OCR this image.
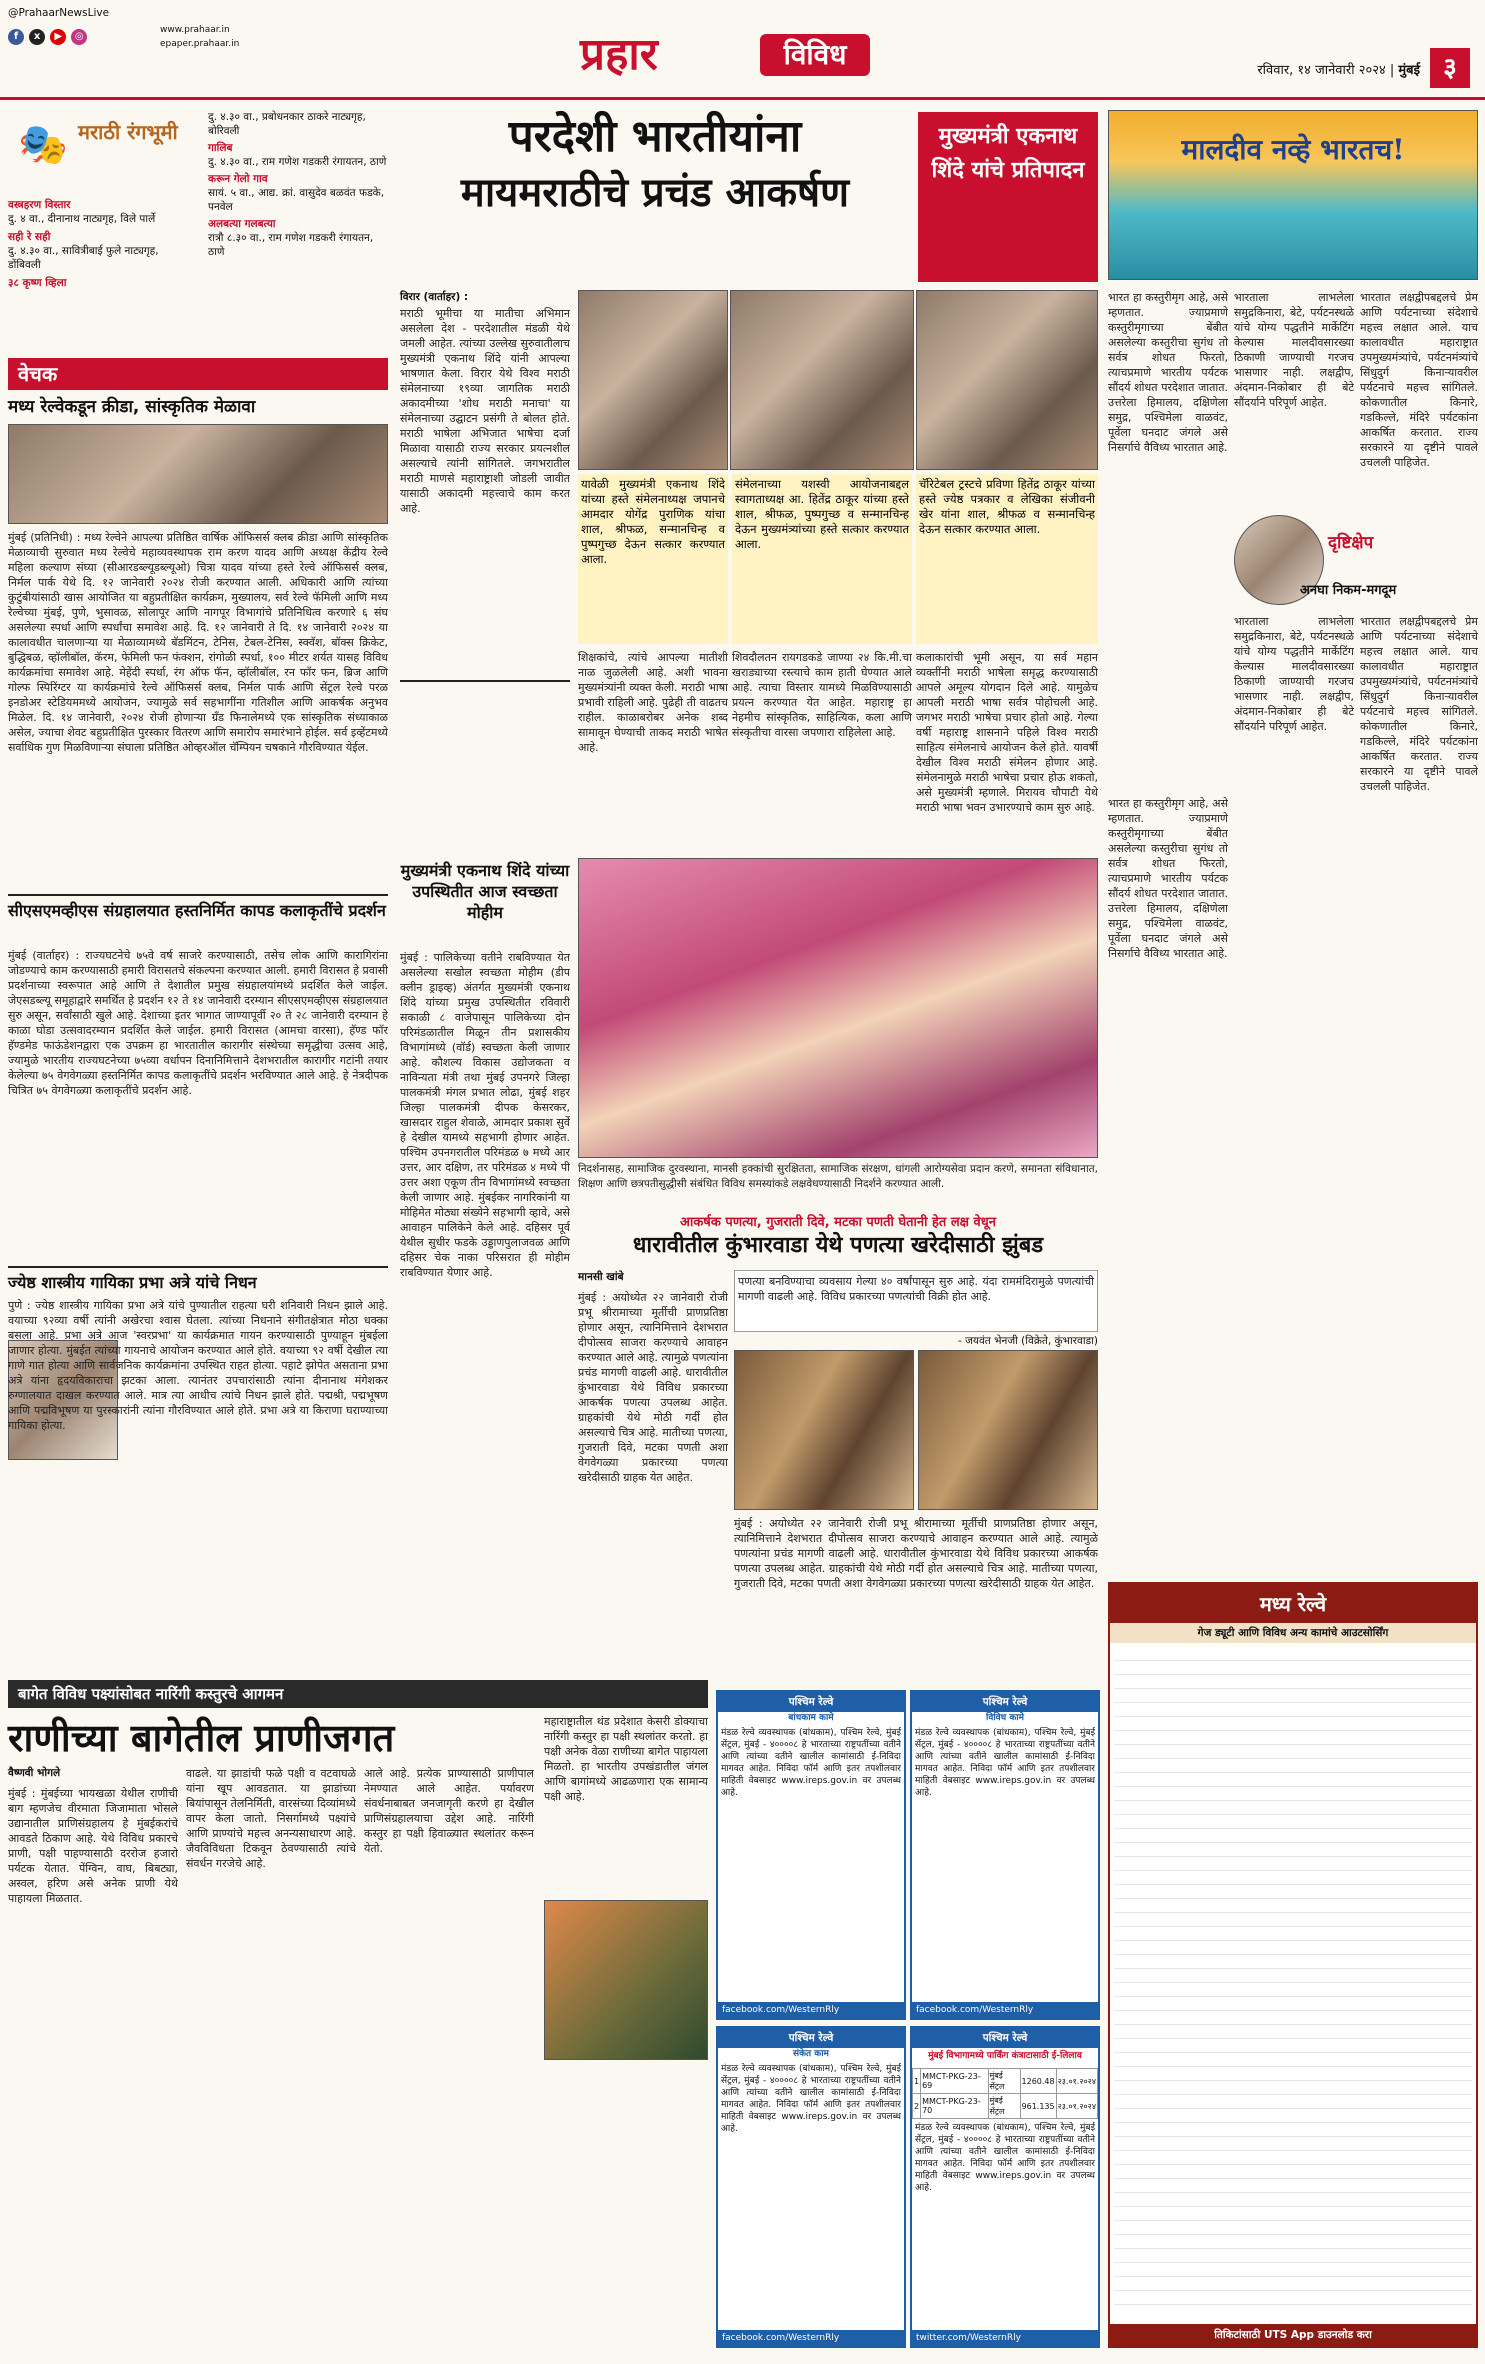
@PrahaarNewsLive
f x ▶ ◎
www.prahaar.in
epaper.prahaar.in	प्रहार	विविध	रविवार, १४ जानेवारी २०२४ | मुंबई ३
🎭 मराठी रंगभूमी
वस्त्रहरण विस्तार
दु. ४ वा., दीनानाथ नाट्यगृह, विले पार्ले
सही रे सही
दु. ४.३० वा., सावित्रीबाई फुले नाट्यगृह, डोंबिवली
३८ कृष्ण व्हिला
दु. ४.३० वा., प्रबोधनकार ठाकरे नाट्यगृह, बोरिवली
गालिब
दु. ४.३० वा., राम गणेश गडकरी रंगायतन, ठाणे
करून गेलो गाव
सायं. ५ वा., आद्य. क्रां. वासुदेव बळवंत फडके, पनवेल
अलबत्या गलबत्या
रात्रौ ८.३० वा., राम गणेश गडकरी रंगायतन, ठाणे
वेचक
मध्य रेल्वेकडून क्रीडा, सांस्कृतिक मेळावा
मुंबई (प्रतिनिधी) : मध्य रेल्वेने आपल्या प्रतिष्ठित वार्षिक ऑफिसर्स क्लब क्रीडा आणि सांस्कृतिक मेळाव्याची सुरुवात मध्य रेल्वेचे महाव्यवस्थापक राम करण यादव आणि अध्यक्ष केंद्रीय रेल्वे महिला कल्याण संघ्या (सीआरडब्ल्यूडब्ल्यूओ) चित्रा यादव यांच्या हस्ते रेल्वे ऑफिसर्स क्लब, निर्मल पार्क येथे दि. १२ जानेवारी २०२४ रोजी करण्यात आली. अधिकारी आणि त्यांच्या कुटुंबीयांसाठी खास आयोजित या बहुप्रतीक्षित कार्यक्रम, मुख्यालय, सर्व रेल्वे फॅमिली आणि मध्य रेल्वेच्या मुंबई, पुणे, भुसावळ, सोलापूर आणि नागपूर विभागांचे प्रतिनिधित्व करणारे ६ संघ असलेल्या स्पर्धा आणि स्पर्धांचा समावेश आहे. दि. १२ जानेवारी ते दि. १४ जानेवारी २०२४ या कालावधीत चालणाऱ्या या मेळाव्यामध्ये बॅडमिंटन, टेनिस, टेबल-टेनिस, स्क्वॅश, बॉक्स क्रिकेट, बुद्धिबळ, व्हॉलीबॉल, कॅरम, फेमिली फन फंक्शन, रांगोळी स्पर्धा, १०० मीटर शर्यत यासह विविध कार्यक्रमांचा समावेश आहे. मेहेंदी स्पर्धा, रंग ऑफ फॅन, व्हॉलीबॉल, रन फॉर फन, ब्रिज आणि गोल्फ स्पिरिंग्टर या कार्यक्रमांचे रेल्वे ऑफिसर्स क्लब, निर्मल पार्क आणि सेंट्रल रेल्वे परळ इनडोअर स्टेडियममध्ये आयोजन, ज्यामुळे सर्व सहभागींना गतिशील आणि आकर्षक अनुभव मिळेल. दि. १४ जानेवारी, २०२४ रोजी होणाऱ्या ग्रँड फिनालेमध्ये एक सांस्कृतिक संध्याकाळ असेल, ज्याचा शेवट बहुप्रतीक्षित पुरस्कार वितरण आणि समारोप समारंभाने होईल. सर्व इव्हेंटमध्ये सर्वाधिक गुण मिळविणाऱ्या संघाला प्रतिष्ठित ओव्हरऑल चॅम्पियन चषकाने गौरविण्यात येईल.
सीएसएमव्हीएस संग्रहालयात हस्तनिर्मित कापड कलाकृतींचे प्रदर्शन
मुंबई (वार्ताहर) : राज्यघटनेचे ७५वे वर्ष साजरे करण्यासाठी, तसेच लोक आणि कारागिरांना जोडण्याचे काम करण्यासाठी हमारी विरासतचे संकल्पना करण्यात आली. हमारी विरासत हे प्रवासी प्रदर्शनाच्या स्वरूपात आहे आणि ते देशातील प्रमुख संग्रहालयांमध्ये प्रदर्शित केले जाईल. जेएसडब्ल्यू समूहाद्वारे समर्थित हे प्रदर्शन १२ ते १४ जानेवारी दरम्यान सीएसएमव्हीएस संग्रहालयात सुरु असून, सर्वांसाठी खुले आहे. देशाच्या इतर भागात जाण्यापूर्वी २० ते २८ जानेवारी दरम्यान हे काळा घोडा उत्सवादरम्यान प्रदर्शित केले जाईल. हमारी विरासत (आमचा वारसा), हॅण्ड फॉर हॅण्डमेड फाऊंडेशनद्वारा एक उपक्रम हा भारतातील कारागीर संस्थेच्या समृद्धीचा उत्सव आहे, ज्यामुळे भारतीय राज्यघटनेच्या ७५व्या वर्धापन दिनानिमित्ताने देशभरातील कारागीर गटांनी तयार केलेल्या ७५ वेगवेगळ्या हस्तनिर्मित कापड कलाकृतींचे प्रदर्शन भरविण्यात आले आहे. हे नेत्रदीपक चित्रित ७५ वेगवेगळ्या कलाकृतींचे प्रदर्शन आहे.
ज्येष्ठ शास्त्रीय गायिका प्रभा अत्रे यांचे निधन
पुणे : ज्येष्ठ शास्त्रीय गायिका प्रभा अत्रे यांचे पुण्यातील राहत्या घरी शनिवारी निधन झाले आहे. वयाच्या ९२व्या वर्षी त्यांनी अखेरचा श्वास घेतला. त्यांच्या निधनाने संगीतक्षेत्रात मोठा धक्का बसला आहे. प्रभा अत्रे आज 'स्वरप्रभा' या कार्यक्रमात गायन करण्यासाठी पुण्याहून मुंबईला जाणार होत्या. मुंबईत त्यांच्या गायनाचे आयोजन करण्यात आले होते. वयाच्या ९२ वर्षी देखील त्या गाणे गात होत्या आणि सार्वजनिक कार्यक्रमांना उपस्थित राहत होत्या. पहाटे झोपेत असताना प्रभा अत्रे यांना हृदयविकाराचा झटका आला. त्यानंतर उपचारांसाठी त्यांना दीनानाथ मंगेशकर रुग्णालयात दाखल करण्यात आले. मात्र त्या आधीच त्यांचे निधन झाले होते. पद्मश्री, पद्मभूषण आणि पद्मविभूषण या पुरस्कारांनी त्यांना गौरविण्यात आले होते. प्रभा अत्रे या किराणा घराण्याच्या गायिका होत्या.
परदेशी भारतीयांना
मायमराठीचे प्रचंड आकर्षण
मुख्यमंत्री एकनाथ शिंदे यांचे प्रतिपादन
विरार (वार्ताहर) :
मराठी भूमीचा या मातीचा अभिमान असलेला देश - परदेशातील मंडळी येथे जमली आहेत. त्यांच्या उल्लेख सुरुवातीलाच मुख्यमंत्री एकनाथ शिंदे यांनी आपल्या भाषणात केला. विरार येथे विश्व मराठी संमेलनाच्या १९व्या जागतिक मराठी अकादमीच्या 'शोध मराठी मनाचा' या संमेलनाच्या उद्घाटन प्रसंगी ते बोलत होते. मराठी भाषेला अभिजात भाषेचा दर्जा मिळावा यासाठी राज्य सरकार प्रयत्नशील असल्याचे त्यांनी सांगितले. जगभरातील मराठी माणसे महाराष्ट्राशी जोडली जावीत यासाठी अकादमी महत्त्वाचे काम करत आहे.
यावेळी मुख्यमंत्री एकनाथ शिंदे यांच्या हस्ते संमेलनाध्यक्ष जपानचे आमदार योगेंद्र पुराणिक यांचा शाल, श्रीफळ, सन्मानचिन्ह व पुष्पगुच्छ देऊन सत्कार करण्यात आला.
संमेलनाच्या यशस्वी आयोजनाबद्दल स्वागताध्यक्ष आ. हितेंद्र ठाकूर यांच्या हस्ते शाल, श्रीफळ, पुष्पगुच्छ व सन्मानचिन्ह देऊन मुख्यमंत्र्यांच्या हस्ते सत्कार करण्यात आला.
चॅरिटेबल ट्रस्टचे प्रविणा हितेंद्र ठाकूर यांच्या हस्ते ज्येष्ठ पत्रकार व लेखिका संजीवनी खेर यांना शाल, श्रीफळ व सन्मानचिन्ह देऊन सत्कार करण्यात आला.
शिक्षकांचे, त्यांचे आपल्या मातीशी नाळ जुळलेली आहे. अशी भावना मुख्यमंत्र्यांनी व्यक्त केली. मराठी भाषा प्रभावी राहिली आहे. पुढेही ती वाढतच राहील. काळाबरोबर अनेक शब्द सामावून घेण्याची ताकद मराठी भाषेत आहे.
शिवदौलतन रायगडकडे जाण्या २४ कि.मी.चा खराड्याच्या रस्त्याचे काम हाती घेण्यात आले आहे. त्याचा विस्तार यामध्ये मिळविण्यासाठी प्रयत्न करण्यात येत आहेत. महाराष्ट्र हा नेहमीच सांस्कृतिक, साहित्यिक, कला आणि संस्कृतीचा वारसा जपणारा राहिलेला आहे.
कलाकारांची भूमी असून, या सर्व महान व्यक्तींनी मराठी भाषेला समृद्ध करण्यासाठी आपले अमूल्य योगदान दिले आहे. यामुळेच आपली मराठी भाषा सर्वत्र पोहोचली आहे. जगभर मराठी भाषेचा प्रचार होतो आहे. गेल्या वर्षी महाराष्ट्र शासनाने पहिले विश्व मराठी साहित्य संमेलनाचे आयोजन केले होते. यावर्षी देखील विश्व मराठी संमेलन होणार आहे. संमेलनामुळे मराठी भाषेचा प्रचार होऊ शकतो, असे मुख्यमंत्री म्हणाले. मिरायव चौपाटी येथे मराठी भाषा भवन उभारण्याचे काम सुरु आहे.
मुख्यमंत्री एकनाथ शिंदे यांच्या उपस्थितीत आज स्वच्छता मोहीम
मुंबई : पालिकेच्या वतीने राबविण्यात येत असलेल्या सखोल स्वच्छता मोहीम (डीप क्लीन ड्राइव्ह) अंतर्गत मुख्यमंत्री एकनाथ शिंदे यांच्या प्रमुख उपस्थितीत रविवारी सकाळी ८ वाजेपासून पालिकेच्या दोन परिमंडळातील मिळून तीन प्रशासकीय विभागांमध्ये (वॉर्ड) स्वच्छता केली जाणार आहे. कौशल्य विकास उद्योजकता व नाविन्यता मंत्री तथा मुंबई उपनगरे जिल्हा पालकमंत्री मंगल प्रभात लोढा, मुंबई शहर जिल्हा पालकमंत्री दीपक केसरकर, खासदार राहुल शेवाळे, आमदार प्रकाश सुर्वे हे देखील यामध्ये सहभागी होणार आहेत. पश्चिम उपनगरातील परिमंडळ ७ मध्ये आर उत्तर, आर दक्षिण, तर परिमंडळ ४ मध्ये पी उत्तर अशा एकूण तीन विभागांमध्ये स्वच्छता केली जाणार आहे. मुंबईकर नागरिकांनी या मोहिमेत मोठ्या संख्येने सहभागी व्हावे, असे आवाहन पालिकेने केले आहे. दहिसर पूर्व येथील सुधीर फडके उड्डाणपुलाजवळ आणि दहिसर चेक नाका परिसरात ही मोहीम राबविण्यात येणार आहे.
निदर्शनासह, सामाजिक दुरवस्थाना, मानसी हक्कांची सुरक्षितता, सामाजिक संरक्षण, धांगली आरोग्यसेवा प्रदान करणे, समानता संविधानात, शिक्षण आणि छत्रपतीसुद्धीसी संबंधित विविध समस्यांकडे लक्षवेधण्यासाठी निदर्शने करण्यात आली.
आकर्षक पणत्या, गुजराती दिवे, मटका पणती घेतानी हेत लक्ष वेधून
धारावीतील कुंभारवाडा येथे पणत्या खरेदीसाठी झुंबड
मानसी खांबे
मुंबई : अयोध्येत २२ जानेवारी रोजी प्रभू श्रीरामाच्या मूर्तीची प्राणप्रतिष्ठा होणार असून, त्यानिमित्ताने देशभरात दीपोत्सव साजरा करण्याचे आवाहन करण्यात आले आहे. त्यामुळे पणत्यांना प्रचंड मागणी वाढली आहे. धारावीतील कुंभारवाडा येथे विविध प्रकारच्या आकर्षक पणत्या उपलब्ध आहेत. ग्राहकांची येथे मोठी गर्दी होत असल्याचे चित्र आहे. मातीच्या पणत्या, गुजराती दिवे, मटका पणती अशा वेगवेगळ्या प्रकारच्या पणत्या खरेदीसाठी ग्राहक येत आहेत.
पणत्या बनविण्याचा व्यवसाय गेल्या ४० वर्षांपासून सुरु आहे. यंदा राममंदिरामुळे पणत्यांची मागणी वाढली आहे. विविध प्रकारच्या पणत्यांची विक्री होत आहे.
- जयवंत भेनजी (विक्रेते, कुंभारवाडा)
मुंबई : अयोध्येत २२ जानेवारी रोजी प्रभू श्रीरामाच्या मूर्तीची प्राणप्रतिष्ठा होणार असून, त्यानिमित्ताने देशभरात दीपोत्सव साजरा करण्याचे आवाहन करण्यात आले आहे. त्यामुळे पणत्यांना प्रचंड मागणी वाढली आहे. धारावीतील कुंभारवाडा येथे विविध प्रकारच्या आकर्षक पणत्या उपलब्ध आहेत. ग्राहकांची येथे मोठी गर्दी होत असल्याचे चित्र आहे. मातीच्या पणत्या, गुजराती दिवे, मटका पणती अशा वेगवेगळ्या प्रकारच्या पणत्या खरेदीसाठी ग्राहक येत आहेत.
मालदीव नव्हे भारतच!
भारत हा कस्तुरीमृग आहे, असे म्हणतात. ज्याप्रमाणे कस्तुरीमृगाच्या बेंबीत असलेल्या कस्तुरीचा सुगंध तो सर्वत्र शोधत फिरतो, त्याचप्रमाणे भारतीय पर्यटक सौंदर्य शोधत परदेशात जातात. उत्तरेला हिमालय, दक्षिणेला समुद्र, पश्चिमेला वाळवंट, पूर्वेला घनदाट जंगले असे निसर्गाचे वैविध्य भारतात आहे.
भारताला लाभलेला समुद्रकिनारा, बेटे, पर्यटनस्थळे यांचे योग्य पद्धतीने मार्केटिंग केल्यास मालदीवसारख्या ठिकाणी जाण्याची गरजच भासणार नाही. लक्षद्वीप, अंदमान-निकोबार ही बेटे सौंदर्याने परिपूर्ण आहेत.
भारतात लक्षद्वीपबद्दलचे प्रेम आणि पर्यटनाच्या संदेशाचे महत्त्व लक्षात आले. याच कालावधीत महाराष्ट्रात उपमुख्यमंत्र्यांचे, पर्यटनमंत्र्यांचे सिंधुदुर्ग किनाऱ्यावरील पर्यटनाचे महत्त्व सांगितले. कोकणातील किनारे, गडकिल्ले, मंदिरे पर्यटकांना आकर्षित करतात. राज्य सरकारने या दृष्टीने पावले उचलली पाहिजेत.
दृष्टिक्षेप
अनघा निकम-मगदूम
भारताला लाभलेला समुद्रकिनारा, बेटे, पर्यटनस्थळे यांचे योग्य पद्धतीने मार्केटिंग केल्यास मालदीवसारख्या ठिकाणी जाण्याची गरजच भासणार नाही. लक्षद्वीप, अंदमान-निकोबार ही बेटे सौंदर्याने परिपूर्ण आहेत.
भारतात लक्षद्वीपबद्दलचे प्रेम आणि पर्यटनाच्या संदेशाचे महत्त्व लक्षात आले. याच कालावधीत महाराष्ट्रात उपमुख्यमंत्र्यांचे, पर्यटनमंत्र्यांचे सिंधुदुर्ग किनाऱ्यावरील पर्यटनाचे महत्त्व सांगितले. कोकणातील किनारे, गडकिल्ले, मंदिरे पर्यटकांना आकर्षित करतात. राज्य सरकारने या दृष्टीने पावले उचलली पाहिजेत.
भारत हा कस्तुरीमृग आहे, असे म्हणतात. ज्याप्रमाणे कस्तुरीमृगाच्या बेंबीत असलेल्या कस्तुरीचा सुगंध तो सर्वत्र शोधत फिरतो, त्याचप्रमाणे भारतीय पर्यटक सौंदर्य शोधत परदेशात जातात. उत्तरेला हिमालय, दक्षिणेला समुद्र, पश्चिमेला वाळवंट, पूर्वेला घनदाट जंगले असे निसर्गाचे वैविध्य भारतात आहे.
बागेत विविध पक्ष्यांसोबत नारिंगी कस्तुरचे आगमन
राणीच्या बागेतील प्राणीजगत
वैष्णवी भोगले
मुंबई : मुंबईच्या भायखळा येथील राणीची बाग म्हणजेच वीरमाता जिजामाता भोसले उद्यानातील प्राणिसंग्रहालय हे मुंबईकरांचे आवडते ठिकाण आहे. येथे विविध प्रकारचे प्राणी, पक्षी पाहण्यासाठी दररोज हजारो पर्यटक येतात. पेंग्विन, वाघ, बिबट्या, अस्वल, हरिण असे अनेक प्राणी येथे पाहायला मिळतात.
वाढले. या झाडांची फळे पक्षी व वटवाघळे यांना खूप आवडतात. या झाडांच्या बियांपासून तेलनिर्मिती, वारसंच्या दिव्यांमध्ये वापर केला जातो. निसर्गामध्ये पक्ष्यांचे आणि प्राण्यांचे महत्त्व अनन्यसाधारण आहे. जैवविविधता टिकवून ठेवण्यासाठी त्यांचे संवर्धन गरजेचे आहे.
आले आहे. प्रत्येक प्राण्यासाठी प्राणीपाल नेमण्यात आले आहेत. पर्यावरण संवर्धनाबाबत जनजागृती करणे हा देखील प्राणिसंग्रहालयाचा उद्देश आहे. नारिंगी कस्तुर हा पक्षी हिवाळ्यात स्थलांतर करून येतो.
महाराष्ट्रातील थंड प्रदेशात केसरी डोक्याचा नारिंगी कस्तुर हा पक्षी स्थलांतर करतो. हा पक्षी अनेक वेळा राणीच्या बागेत पाहायला मिळतो. हा भारतीय उपखंडातील जंगल आणि बागांमध्ये आढळणारा एक सामान्य पक्षी आहे.
पश्चिम रेल्वे
बांधकाम कामे
मंडळ रेल्वे व्यवस्थापक (बांधकाम), पश्चिम रेल्वे, मुंबई सेंट्रल, मुंबई - ४००००८ हे भारताच्या राष्ट्रपतींच्या वतीने आणि त्यांच्या वतीने खालील कामांसाठी ई-निविदा मागवत आहेत. निविदा फॉर्म आणि इतर तपशीलवार माहिती वेबसाइट www.ireps.gov.in वर उपलब्ध आहे.
facebook.com/WesternRly
पश्चिम रेल्वे
विविध कामे
मंडळ रेल्वे व्यवस्थापक (बांधकाम), पश्चिम रेल्वे, मुंबई सेंट्रल, मुंबई - ४००००८ हे भारताच्या राष्ट्रपतींच्या वतीने आणि त्यांच्या वतीने खालील कामांसाठी ई-निविदा मागवत आहेत. निविदा फॉर्म आणि इतर तपशीलवार माहिती वेबसाइट www.ireps.gov.in वर उपलब्ध आहे.
facebook.com/WesternRly
पश्चिम रेल्वे
संकेत काम
मंडळ रेल्वे व्यवस्थापक (बांधकाम), पश्चिम रेल्वे, मुंबई सेंट्रल, मुंबई - ४००००८ हे भारताच्या राष्ट्रपतींच्या वतीने आणि त्यांच्या वतीने खालील कामांसाठी ई-निविदा मागवत आहेत. निविदा फॉर्म आणि इतर तपशीलवार माहिती वेबसाइट www.ireps.gov.in वर उपलब्ध आहे.
facebook.com/WesternRly
पश्चिम रेल्वे
मुंबई विभागामध्ये पार्किंग कंत्राटासाठी ई-लिलाव
1	MMCT-PKG-23-69	मुंबई सेंट्रल	1260.48	२३.०१.२०२४
2	MMCT-PKG-23-70	मुंबई सेंट्रल	961.135	२३.०१.२०२४
मंडळ रेल्वे व्यवस्थापक (बांधकाम), पश्चिम रेल्वे, मुंबई सेंट्रल, मुंबई - ४००००८ हे भारताच्या राष्ट्रपतींच्या वतीने आणि त्यांच्या वतीने खालील कामांसाठी ई-निविदा मागवत आहेत. निविदा फॉर्म आणि इतर तपशीलवार माहिती वेबसाइट www.ireps.gov.in वर उपलब्ध आहे.
twitter.com/WesternRly
मध्य रेल्वे
गेज ड्यूटी आणि विविध अन्य कामांचे आउटसोर्सिंग
तिकिटांसाठी UTS App डाउनलोड करा
